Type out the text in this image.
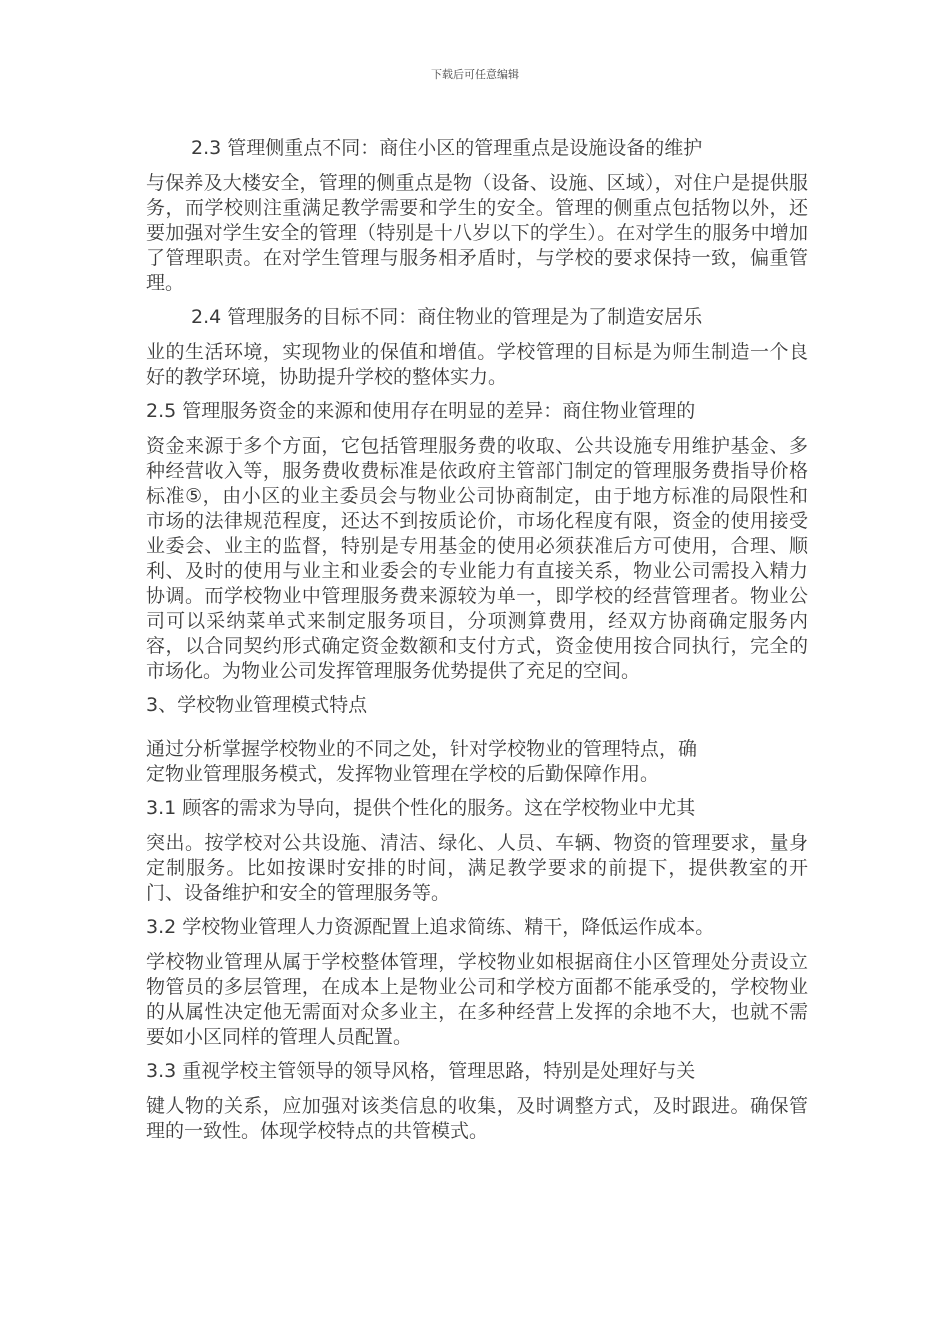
下载后可任意编辑
2.3 管理侧重点不同：商住小区的管理重点是设施设备的维护
与保养及大楼安全，管理的侧重点是物（设备、设施、区域），对住户是提供服务，而学校则注重满足教学需要和学生的安全。管理的侧重点包括物以外，还要加强对学生安全的管理（特别是十八岁以下的学生）。在对学生的服务中增加了管理职责。在对学生管理与服务相矛盾时，与学校的要求保持一致，偏重管理。
2.4 管理服务的目标不同：商住物业的管理是为了制造安居乐
业的生活环境，实现物业的保值和增值。学校管理的目标是为师生制造一个良好的教学环境，协助提升学校的整体实力。
2.5 管理服务资金的来源和使用存在明显的差异：商住物业管理的
资金来源于多个方面，它包括管理服务费的收取、公共设施专用维护基金、多种经营收入等，服务费收费标准是依政府主管部门制定的管理服务费指导价格标准⑤，由小区的业主委员会与物业公司协商制定，由于地方标准的局限性和市场的法律规范程度，还达不到按质论价，市场化程度有限，资金的使用接受业委会、业主的监督，特别是专用基金的使用必须获准后方可使用，合理、顺利、及时的使用与业主和业委会的专业能力有直接关系，物业公司需投入精力协调。而学校物业中管理服务费来源较为单一，即学校的经营管理者。物业公司可以采纳菜单式来制定服务项目，分项测算费用，经双方协商确定服务内容，以合同契约形式确定资金数额和支付方式，资金使用按合同执行，完全的市场化。为物业公司发挥管理服务优势提供了充足的空间。
3、学校物业管理模式特点
通过分析掌握学校物业的不同之处，针对学校物业的管理特点，确
定物业管理服务模式，发挥物业管理在学校的后勤保障作用。
3.1 顾客的需求为导向，提供个性化的服务。这在学校物业中尤其
突出。按学校对公共设施、清洁、绿化、人员、车辆、物资的管理要求，量身定制服务。比如按课时安排的时间，满足教学要求的前提下，提供教室的开门、设备维护和安全的管理服务等。
3.2 学校物业管理人力资源配置上追求简练、精干，降低运作成本。
学校物业管理从属于学校整体管理，学校物业如根据商住小区管理处分责设立物管员的多层管理，在成本上是物业公司和学校方面都不能承受的，学校物业的从属性决定他无需面对众多业主，在多种经营上发挥的余地不大，也就不需要如小区同样的管理人员配置。
3.3 重视学校主管领导的领导风格，管理思路，特别是处理好与关
键人物的关系，应加强对该类信息的收集，及时调整方式，及时跟进。确保管理的一致性。体现学校特点的共管模式。
